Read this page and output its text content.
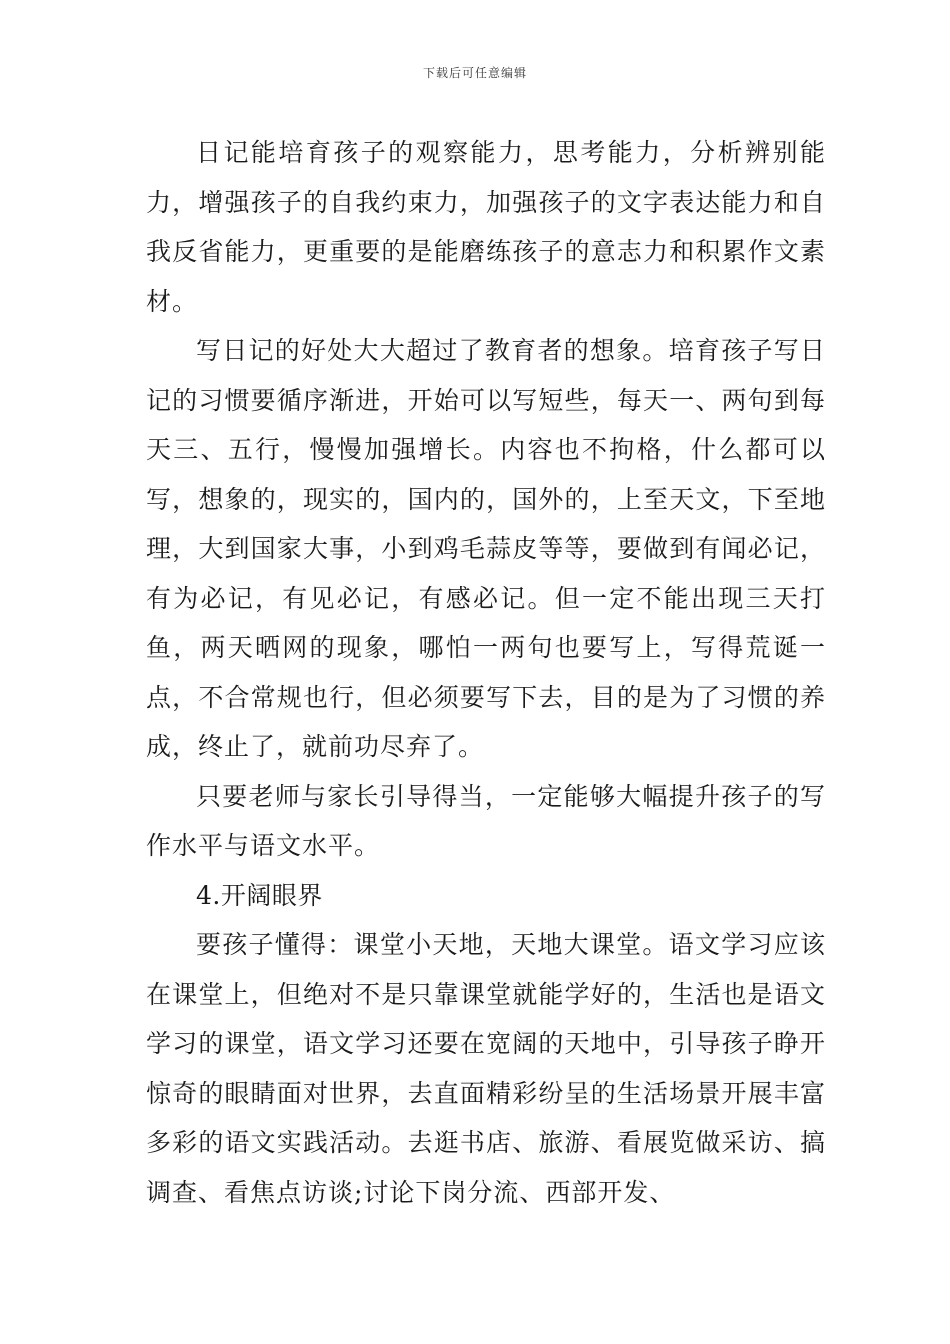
下载后可任意编辑

日记能培育孩子的观察能力，思考能力，分析辨别能力，增强孩子的自我约束力，加强孩子的文字表达能力和自我反省能力，更重要的是能磨练孩子的意志力和积累作文素材。

写日记的好处大大超过了教育者的想象。培育孩子写日记的习惯要循序渐进，开始可以写短些，每天一、两句到每天三、五行，慢慢加强增长。内容也不拘格，什么都可以写，想象的，现实的，国内的，国外的，上至天文，下至地理，大到国家大事，小到鸡毛蒜皮等等，要做到有闻必记，有为必记，有见必记，有感必记。但一定不能出现三天打鱼，两天晒网的现象，哪怕一两句也要写上，写得荒诞一点，不合常规也行，但必须要写下去，目的是为了习惯的养成，终止了，就前功尽弃了。

只要老师与家长引导得当，一定能够大幅提升孩子的写作水平与语文水平。

4.开阔眼界

要孩子懂得：课堂小天地，天地大课堂。语文学习应该在课堂上，但绝对不是只靠课堂就能学好的，生活也是语文学习的课堂，语文学习还要在宽阔的天地中，引导孩子睁开惊奇的眼睛面对世界，去直面精彩纷呈的生活场景开展丰富多彩的语文实践活动。去逛书店、旅游、看展览做采访、搞调查、看焦点访谈;讨论下岗分流、西部开发、
